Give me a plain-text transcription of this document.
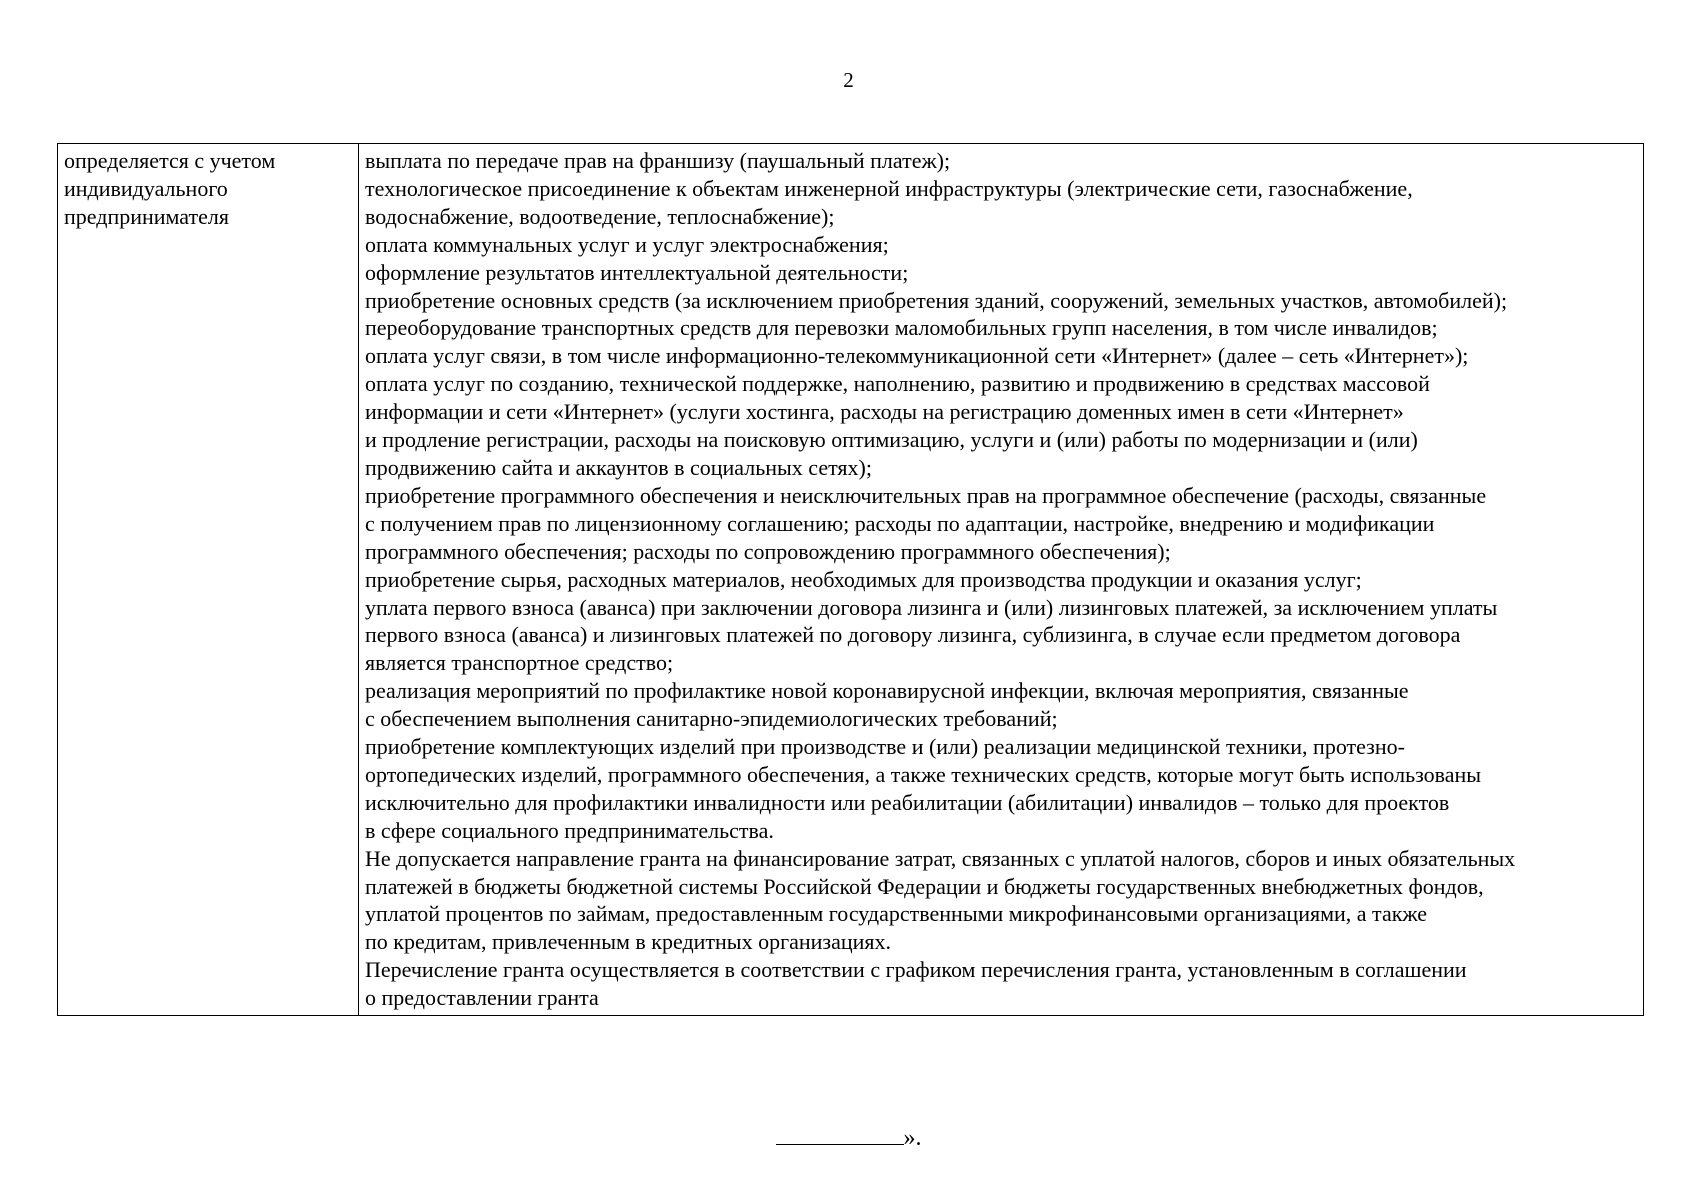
2
определяется с учетом
индивидуального
предпринимателя

выплата по передаче прав на франшизу (паушальный платеж);
технологическое присоединение к объектам инженерной инфраструктуры (электрические сети, газоснабжение,
водоснабжение, водоотведение, теплоснабжение);
оплата коммунальных услуг и услуг электроснабжения;
оформление результатов интеллектуальной деятельности;
приобретение основных средств (за исключением приобретения зданий, сооружений, земельных участков, автомобилей);
переоборудование транспортных средств для перевозки маломобильных групп населения, в том числе инвалидов;
оплата услуг связи, в том числе информационно-телекоммуникационной сети «Интернет» (далее – сеть «Интернет»);
оплата услуг по созданию, технической поддержке, наполнению, развитию и продвижению в средствах массовой
информации и сети «Интернет» (услуги хостинга, расходы на регистрацию доменных имен в сети «Интернет»
и продление регистрации, расходы на поисковую оптимизацию, услуги и (или) работы по модернизации и (или)
продвижению сайта и аккаунтов в социальных сетях);
приобретение программного обеспечения и неисключительных прав на программное обеспечение (расходы, связанные
с получением прав по лицензионному соглашению; расходы по адаптации, настройке, внедрению и модификации
программного обеспечения; расходы по сопровождению программного обеспечения);
приобретение сырья, расходных материалов, необходимых для производства продукции и оказания услуг;
уплата первого взноса (аванса) при заключении договора лизинга и (или) лизинговых платежей, за исключением уплаты
первого взноса (аванса) и лизинговых платежей по договору лизинга, сублизинга, в случае если предметом договора
является транспортное средство;
реализация мероприятий по профилактике новой коронавирусной инфекции, включая мероприятия, связанные
с обеспечением выполнения санитарно-эпидемиологических требований;
приобретение комплектующих изделий при производстве и (или) реализации медицинской техники, протезно-
ортопедических изделий, программного обеспечения, а также технических средств, которые могут быть использованы
исключительно для профилактики инвалидности или реабилитации (абилитации) инвалидов – только для проектов
в сфере социального предпринимательства.
Не допускается направление гранта на финансирование затрат, связанных с уплатой налогов, сборов и иных обязательных
платежей в бюджеты бюджетной системы Российской Федерации и бюджеты государственных внебюджетных фондов,
уплатой процентов по займам, предоставленным государственными микрофинансовыми организациями, а также
по кредитам, привлеченным в кредитных организациях.
Перечисление гранта осуществляется в соответствии с графиком перечисления гранта, установленным в соглашении
о предоставлении гранта
».
